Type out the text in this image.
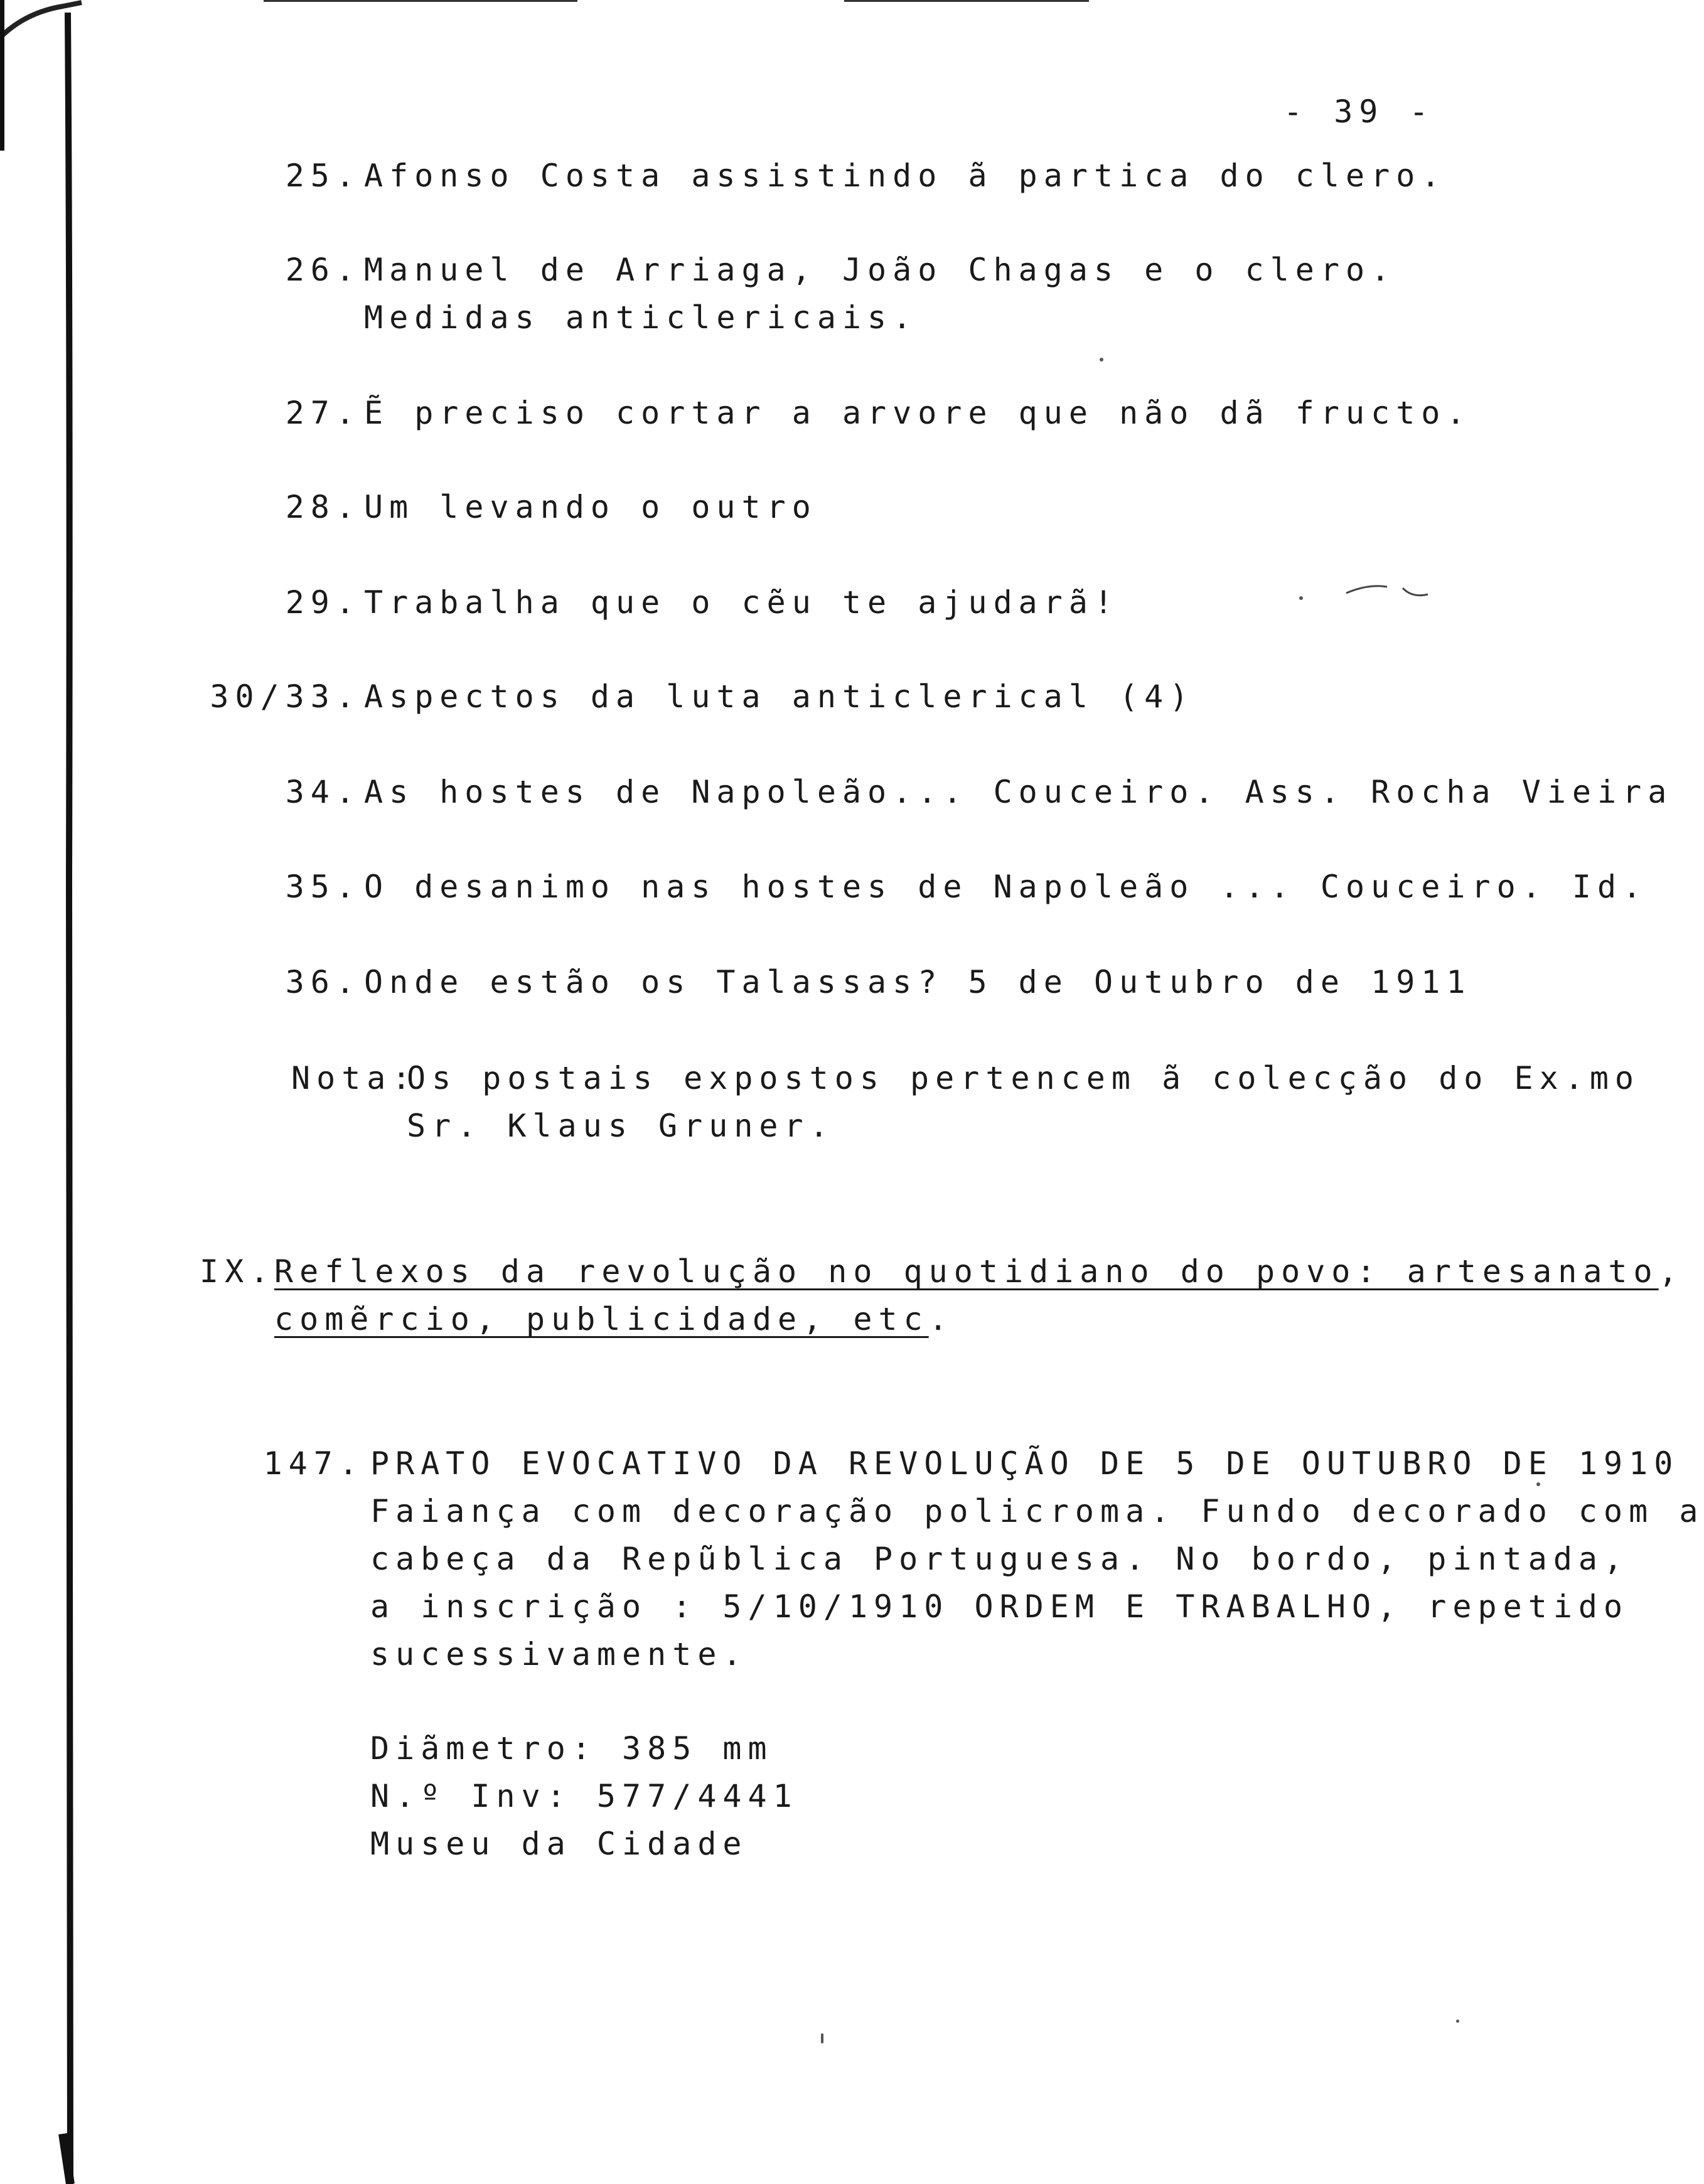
- 39 -
25. Afonso Costa assistindo ã partica do clero.
26. Manuel de Arriaga, João Chagas e o clero.
Medidas anticlericais.
27. Ẽ preciso cortar a arvore que não dã fructo.
28. Um levando o outro
29. Trabalha que o cẽu te ajudarã!
30/33. Aspectos da luta anticlerical (4)
34. As hostes de Napoleão... Couceiro. Ass. Rocha Vieira
35. O desanimo nas hostes de Napoleão ... Couceiro. Id.
36. Onde estão os Talassas? 5 de Outubro de 1911
Nota:
Os postais expostos pertencem ã colecção do Ex.mo
Sr. Klaus Gruner.
IX.
Reflexos da revolução no quotidiano do povo: artesanato,
comẽrcio, publicidade, etc.
147. PRATO EVOCATIVO DA REVOLUÇÃO DE 5 DE OUTUBRO DE 1910
Faiança com decoração policroma. Fundo decorado com a
cabeça da Repũblica Portuguesa. No bordo, pintada,
a inscrição : 5/10/1910 ORDEM E TRABALHO, repetido
sucessivamente.
Diãmetro: 385 mm
N.º Inv: 577/4441
Museu da Cidade
